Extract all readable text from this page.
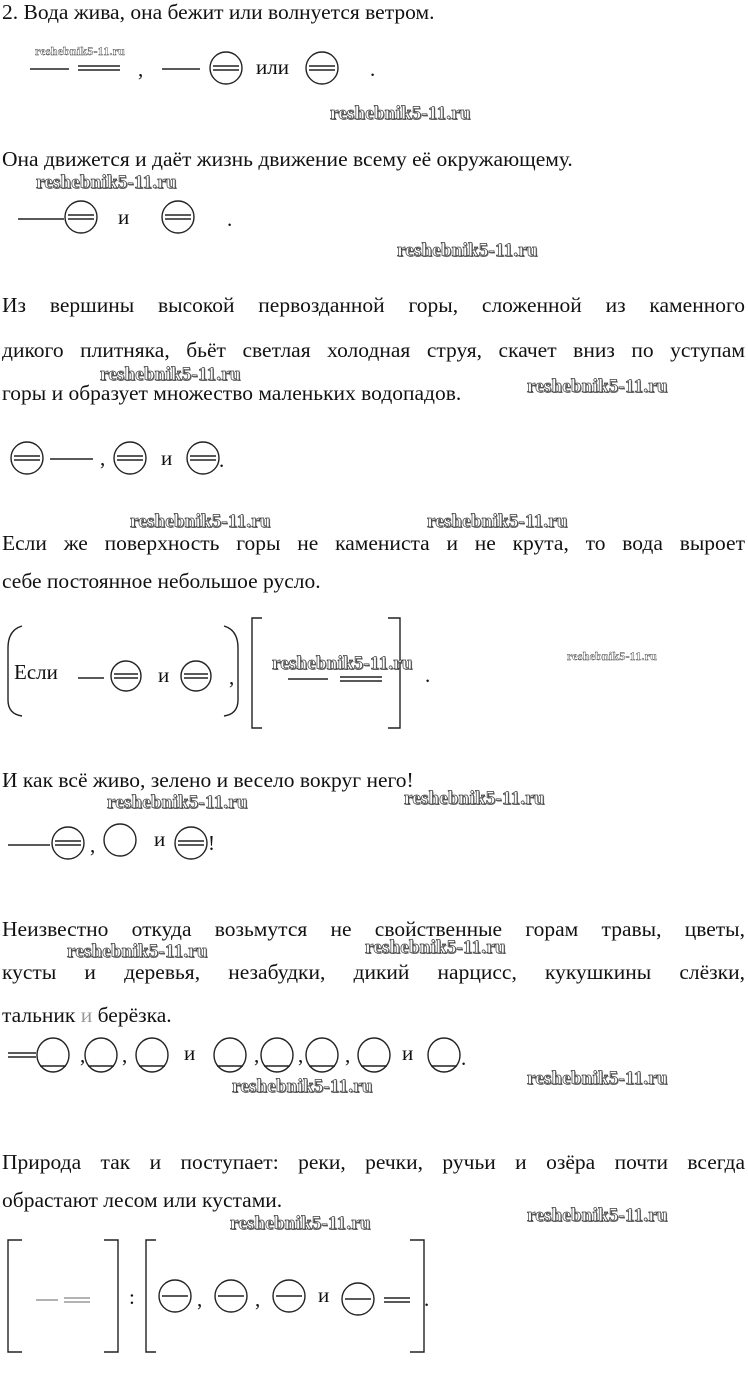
2. Вода жива, она бежит или волнуется ветром.
,	или	.
reshebnik5-11.ru
reshebnik5-11.ru
Она движется и даёт жизнь движение всему её окружающему.
reshebnik5-11.ru
и	.
reshebnik5-11.ru
Из вершины высокой первозданной горы, сложенной из каменного
дикого плитняка, бьёт светлая холодная струя, скачет вниз по уступам
горы и образует множество маленьких водопадов.
reshebnik5-11.ru
reshebnik5-11.ru
,	и .
reshebnik5-11.ru	reshebnik5-11.ru
Если же поверхность горы не камениста и не крута, то вода выроет
себе постоянное небольшое русло.
Если	и	,	.
reshebnik5-11.ru	reshebnik5-11.ru
И как всё живо, зелено и весело вокруг него!
reshebnik5-11.ru	reshebnik5-11.ru
,	и !
Неизвестно откуда возьмутся не свойственные горам травы, цветы,
кусты и деревья, незабудки, дикий нарцисс, кукушкины слёзки,
тальник и берёзка.
reshebnik5-11.ru	reshebnik5-11.ru
, ,	и	, , , и .
reshebnik5-11.ru	reshebnik5-11.ru
Природа так и поступает: реки, речки, ручьи и озёра почти всегда
обрастают лесом или кустами.
reshebnik5-11.ru	reshebnik5-11.ru
:	,	,	и	.
